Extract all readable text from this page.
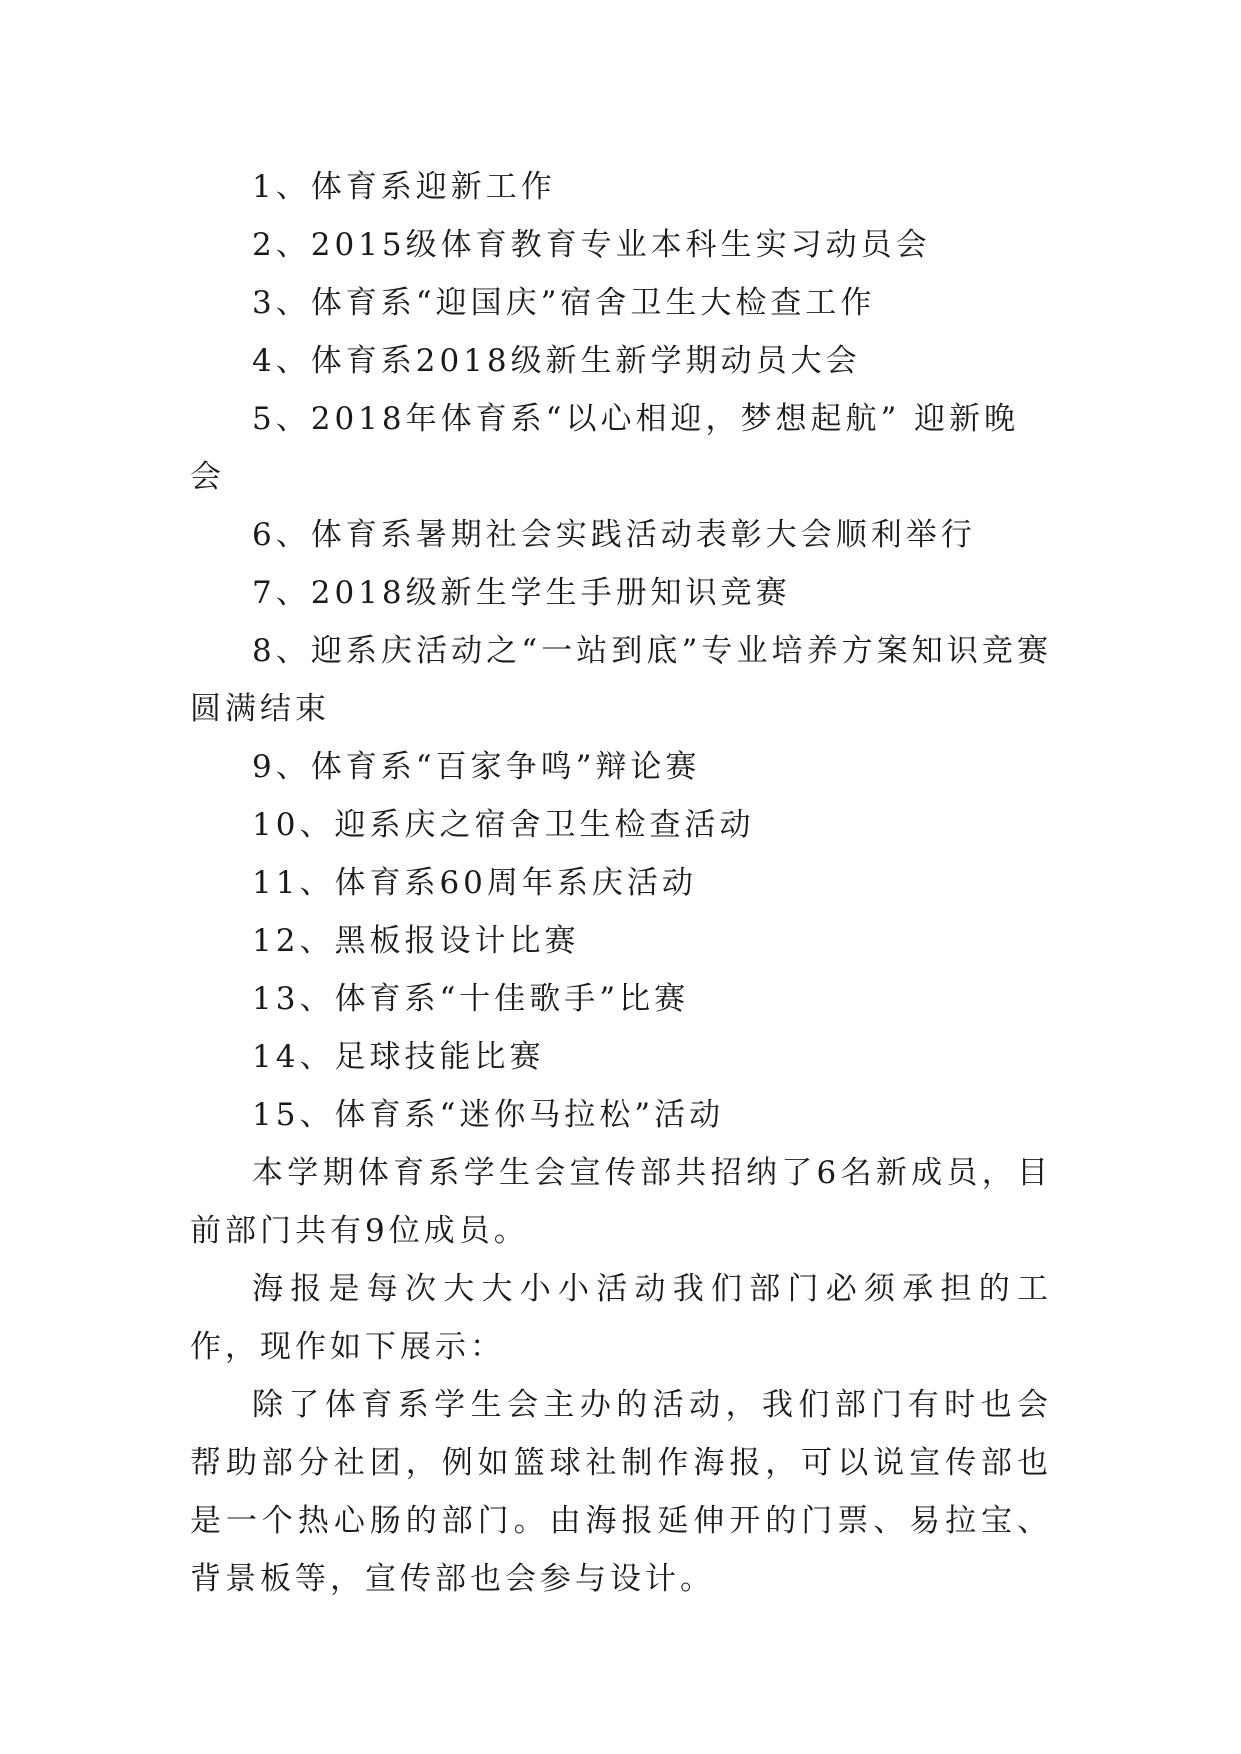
1、体育系迎新工作

2、2015级体育教育专业本科生实习动员会

3、体育系“迎国庆”宿舍卫生大检查工作

4、体育系2018级新生新学期动员大会

5、2018年体育系“以心相迎，梦想起航” 迎新晚会

6、体育系暑期社会实践活动表彰大会顺利举行

7、2018级新生学生手册知识竞赛

8、迎系庆活动之“一站到底”专业培养方案知识竞赛圆满结束

9、体育系“百家争鸣”辩论赛

10、迎系庆之宿舍卫生检查活动

11、体育系60周年系庆活动

12、黑板报设计比赛

13、体育系“十佳歌手”比赛

14、足球技能比赛

15、体育系“迷你马拉松”活动

本学期体育系学生会宣传部共招纳了6名新成员，目前部门共有9位成员。

海报是每次大大小小活动我们部门必须承担的工作，现作如下展示：

除了体育系学生会主办的活动，我们部门有时也会帮助部分社团，例如篮球社制作海报，可以说宣传部也是一个热心肠的部门。由海报延伸开的门票、易拉宝、背景板等，宣传部也会参与设计。
